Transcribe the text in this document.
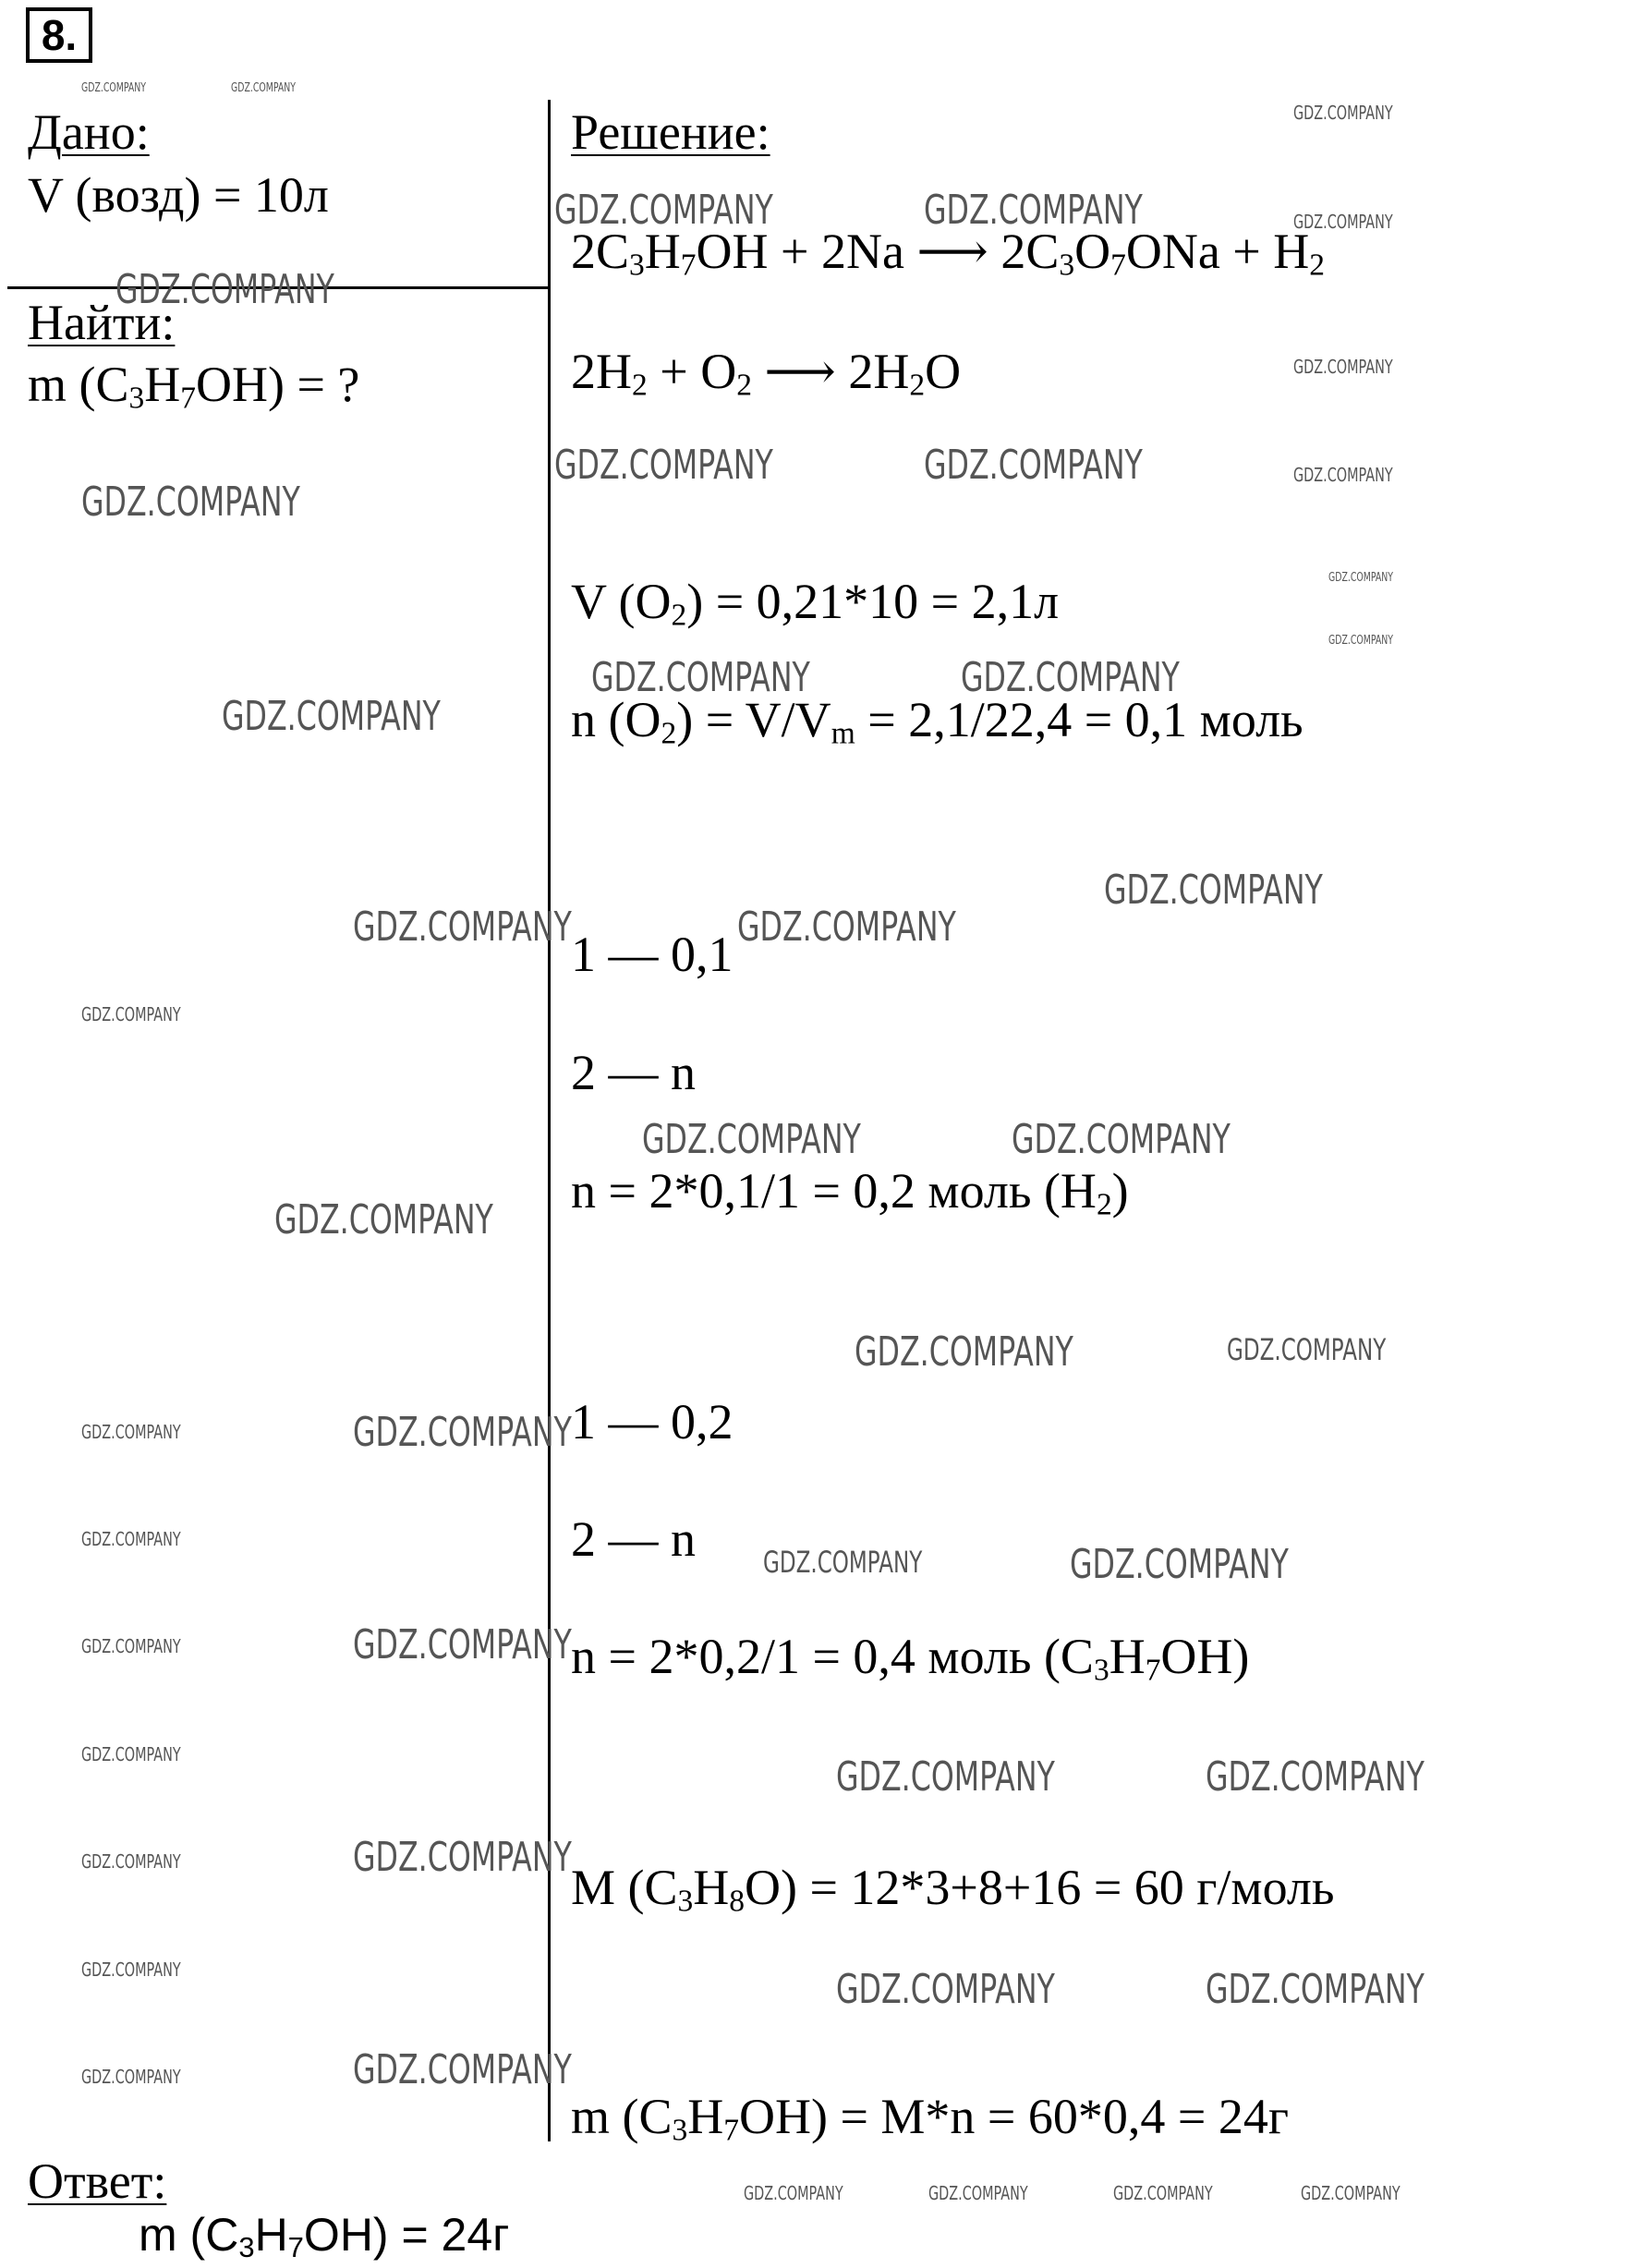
8.
Дано:
V (возд) = 10л
Найти:
m $(C_3H_7OH)$ = ?
Решение:
$2C_3H_7OH + 2Na$ ⟶ $2C_3O_7ONa + H_2$
$2H_2 + O_2$ ⟶ $2H_2O$
V $(O_2) = 0,21*10 = 2,1л$
n $(O_2) = V/V_m = 2,1/22,4 = 0,1$ моль
1 — 0,1
2 — n
n = 2*0,1/1 = 0,2 моль $(H_2)$
1 — 0,2
2 — n
n = 2*0,2/1 = 0,4 моль $(C_3H_7OH)$
M $(C_3H_8O) = 12*3+8+16 = 60$ г/моль
m $(C_3H_7OH) = M*n = 60*0,4 = 24г$
Ответ:
m $(C_3H_7OH) = 24г$
GDZ.COMPANY	GDZ.COMPANY
GDZ.COMPANY
GDZ.COMPANY	GDZ.COMPANY	GDZ.COMPANY
GDZ.COMPANY
GDZ.COMPANY
GDZ.COMPANY	GDZ.COMPANY	GDZ.COMPANY
GDZ.COMPANY
GDZ.COMPANY
GDZ.COMPANY
GDZ.COMPANY	GDZ.COMPANY
GDZ.COMPANY
GDZ.COMPANY
GDZ.COMPANY	GDZ.COMPANY
GDZ.COMPANY
GDZ.COMPANY	GDZ.COMPANY
GDZ.COMPANY
GDZ.COMPANY	GDZ.COMPANY
GDZ.COMPANY	GDZ.COMPANY
GDZ.COMPANY
GDZ.COMPANY	GDZ.COMPANY
GDZ.COMPANY	GDZ.COMPANY
GDZ.COMPANY	GDZ.COMPANY	GDZ.COMPANY
GDZ.COMPANY	GDZ.COMPANY
GDZ.COMPANY	GDZ.COMPANY	GDZ.COMPANY
GDZ.COMPANY	GDZ.COMPANY
GDZ.COMPANY	GDZ.COMPANY	GDZ.COMPANY	GDZ.COMPANY
